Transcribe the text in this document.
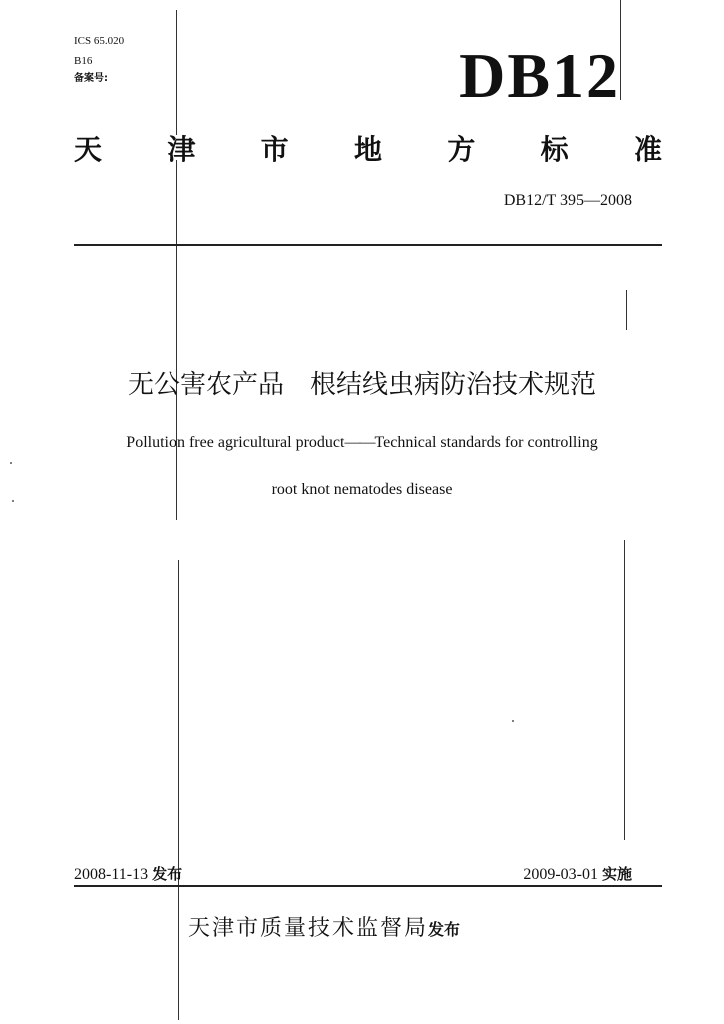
ICS 65.020
B16
备案号:	DB12
天 津 市 地 方 标 准
DB12/T 395—2008
无公害农产品 根结线虫病防治技术规范
Pollution free agricultural product——Technical standards for controlling
root knot nematodes disease
2008-11-13 发布	2009-03-01 实施
天津市质量技术监督局发布
